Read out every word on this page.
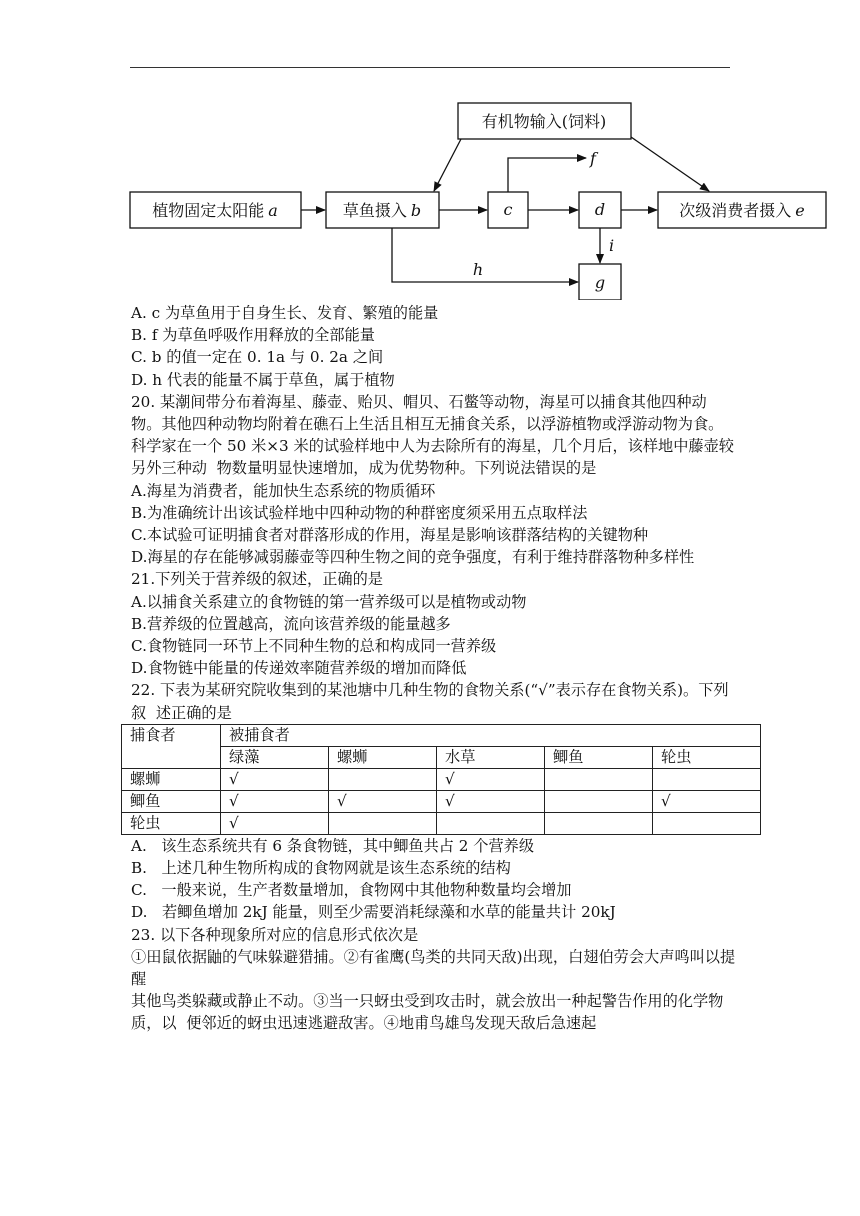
有机物输入(饲料)
植物固定太阳能 a	草鱼摄入 b	c	d	次级消费者摄入 e
g
f
h
i

A. c 为草鱼用于自身生长、发育、繁殖的能量

B. f 为草鱼呼吸作用释放的全部能量

C. b 的值一定在 0. 1a 与 0. 2a 之间

D. h 代表的能量不属于草鱼，属于植物

20. 某潮间带分布着海星、藤壶、贻贝、帽贝、石鳖等动物，海星可以捕食其他四种动物。其他四种动物均附着在礁石上生活且相互无捕食关系，以浮游植物或浮游动物为食。科学家在一个 50 米×3 米的试验样地中人为去除所有的海星，几个月后，该样地中藤壶较另外三种动  物数量明显快速增加，成为优势物种。下列说法错误的是

A.海星为消费者，能加快生态系统的物质循环

B.为准确统计出该试验样地中四种动物的种群密度须采用五点取样法

C.本试验可证明捕食者对群落形成的作用，海星是影响该群落结构的关键物种

D.海星的存在能够减弱藤壶等四种生物之间的竞争强度，有利于维持群落物种多样性

21.下列关于营养级的叙述，正确的是

A.以捕食关系建立的食物链的第一营养级可以是植物或动物

B.营养级的位置越高，流向该营养级的能量越多

C.食物链同一环节上不同种生物的总和构成同一营养级

D.食物链中能量的传递效率随营养级的增加而降低

22. 下表为某研究院收集到的某池塘中几种生物的食物关系(“√”表示存在食物关系)。下列叙  述正确的是

捕食者	被捕食者				
	绿藻	螺蛳	水草	鲫鱼	轮虫
螺蛳	√		√		
鲫鱼	√	√	√		√
轮虫	√				

A.   该生态系统共有 6 条食物链，其中鲫鱼共占 2 个营养级

B.   上述几种生物所构成的食物网就是该生态系统的结构

C.   一般来说，生产者数量增加，食物网中其他物种数量均会增加

D.   若鲫鱼增加 2kJ 能量，则至少需要消耗绿藻和水草的能量共计 20kJ

23. 以下各种现象所对应的信息形式依次是

①田鼠依据鼬的气味躲避猎捕。②有雀鹰(鸟类的共同天敌)出现，白翅伯劳会大声鸣叫以提醒

其他鸟类躲藏或静止不动。③当一只蚜虫受到攻击时，就会放出一种起警告作用的化学物质，以  便邻近的蚜虫迅速逃避敌害。④地甫鸟雄鸟发现天敌后急速起
